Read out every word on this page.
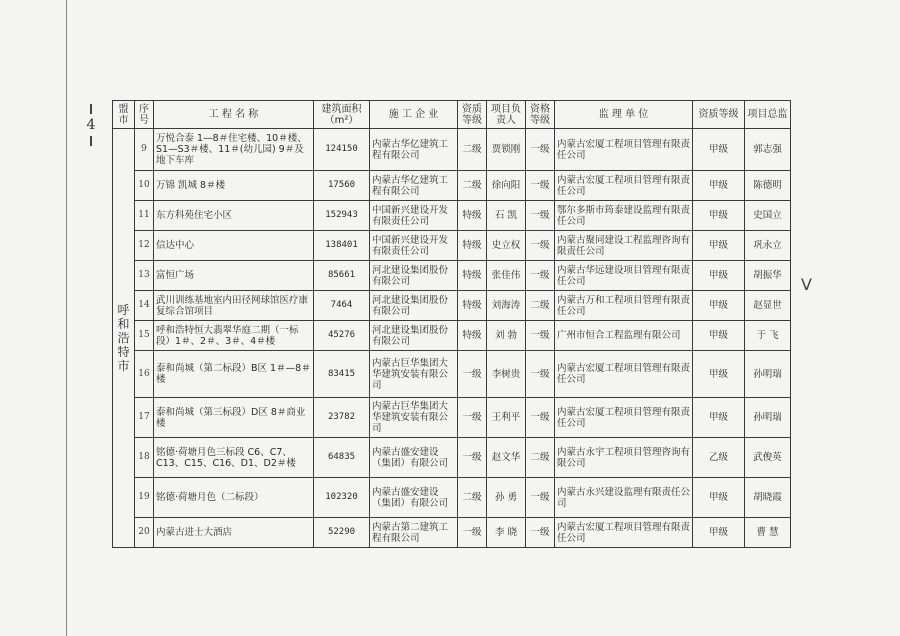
4
盟市	序号	工 程 名 称	建筑面积（m²）	施 工 企 业	资质等级	项目负责人	资格等级	监 理 单 位	资质等级	项目总监
呼和浩特市	9	万悦合泰 1—8＃住宅楼、10＃楼、S1—S3＃楼、11＃(幼儿园) 9＃及地下车库	124150	内蒙古华亿建筑工程有限公司	二级	贾锁刚	一级	内蒙古宏厦工程项目管理有限责任公司	甲级	郭志强
	10	万锦 凯城 8＃楼	17560	内蒙古华亿建筑工程有限公司	二级	徐向阳	一级	内蒙古宏厦工程项目管理有限责任公司	甲级	陈德明
	11	东方科苑住宅小区	152943	中国新兴建设开发有限责任公司	特级	石 凯	一级	鄂尔多斯市筠泰建设监理有限责任公司	甲级	史国立
	12	信达中心	138401	中国新兴建设开发有限责任公司	特级	史立权	一级	内蒙古聚同建设工程监理咨询有限责任公司	甲级	巩永立
	13	富恒广场	85661	河北建设集团股份有限公司	特级	张佳伟	一级	内蒙古华远建设项目管理有限责任公司	甲级	胡振华
	14	武川训练基地室内田径网球馆医疗康复综合馆项目	7464	河北建设集团股份有限公司	特级	刘海涛	二级	内蒙古万和工程项目管理有限责任公司	甲级	赵显世
	15	呼和浩特恒大翡翠华庭二期（一标段）1＃、2＃、3＃、4＃楼	45276	河北建设集团股份有限公司	特级	刘 勃	一级	广州市恒合工程监理有限公司	甲级	于 飞
	16	泰和尚城（第二标段）B区 1＃—8＃楼	83415	内蒙古巨华集团大华建筑安装有限公司	一级	李树贵	一级	内蒙古宏厦工程项目管理有限责任公司	甲级	孙明瑞
	17	泰和尚城（第三标段）D区 8＃商业楼	23782	内蒙古巨华集团大华建筑安装有限公司	一级	王利平	一级	内蒙古宏厦工程项目管理有限责任公司	甲级	孙明瑞
	18	铭德·荷塘月色三标段 C6、C7、C13、C15、C16、D1、D2＃楼	64835	内蒙古盛安建设（集团）有限公司	一级	赵文华	二级	内蒙古永宇工程项目管理咨询有限公司	乙级	武俊英
	19	铭德·荷塘月色（二标段）	102320	内蒙古盛安建设（集团）有限公司	二级	孙 勇	一级	内蒙古永兴建设监理有限责任公司	甲级	胡晓霞
	20	内蒙古进士大酒店	52290	内蒙古第二建筑工程有限公司	一级	李 晓	一级	内蒙古宏厦工程项目管理有限责任公司	甲级	曹 慧
V
